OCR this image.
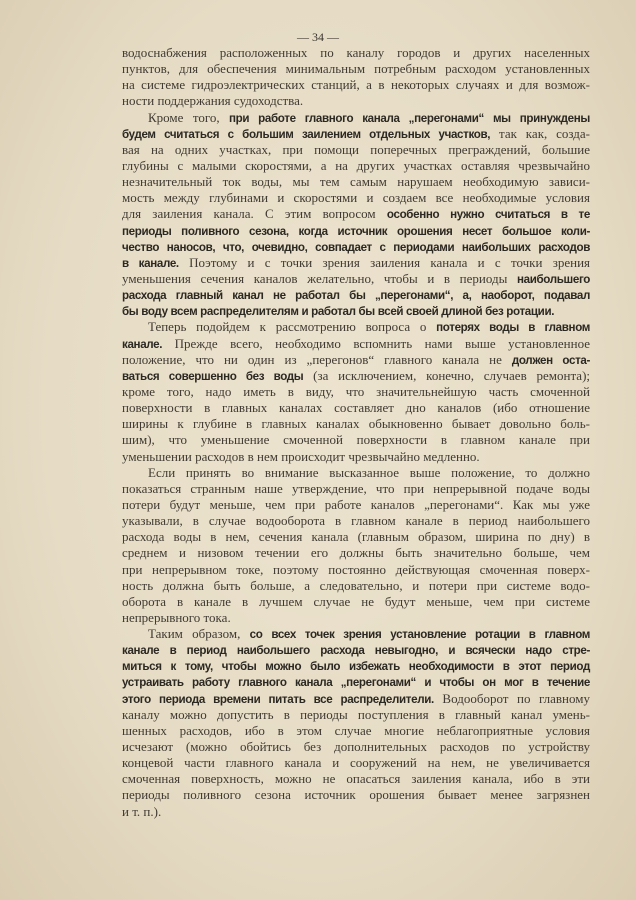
— 34 —
водоснабжения расположенных по каналу городов и других населенных
пунктов, для обеспечения минимальным потребным расходом установленных
на системе гидроэлектрических станций, а в некоторых случаях и для возмож-
ности поддержания судоходства.
Кроме того, при работе главного канала „перегонами“ мы принуждены
будем считаться с большим заилением отдельных участков, так как, созда-
вая на одних участках, при помощи поперечных преграждений, большие
глубины с малыми скоростями, а на других участках оставляя чрезвычайно
незначительный ток воды, мы тем самым нарушаем необходимую зависи-
мость между глубинами и скоростями и создаем все необходимые условия
для заиления канала. С этим вопросом особенно нужно считаться в те
периоды поливного сезона, когда источник орошения несет большое коли-
чество наносов, что, очевидно, совпадает с периодами наибольших расходов
в канале. Поэтому и с точки зрения заиления канала и с точки зрения
уменьшения сечения каналов желательно, чтобы и в периоды наибольшего
расхода главный канал не работал бы „перегонами“, а, наоборот, подавал
бы воду всем распределителям и работал бы всей своей длиной без ротации.
Теперь подойдем к рассмотрению вопроса о потерях воды в главном
канале. Прежде всего, необходимо вспомнить нами выше установленное
положение, что ни один из „перегонов“ главного канала не должен оста-
ваться совершенно без воды (за исключением, конечно, случаев ремонта);
кроме того, надо иметь в виду, что значительнейшую часть смоченной
поверхности в главных каналах составляет дно каналов (ибо отношение
ширины к глубине в главных каналах обыкновенно бывает довольно боль-
шим), что уменьшение смоченной поверхности в главном канале при
уменьшении расходов в нем происходит чрезвычайно медленно.
Если принять во внимание высказанное выше положение, то должно
показаться странным наше утверждение, что при непрерывной подаче воды
потери будут меньше, чем при работе каналов „перегонами“. Как мы уже
указывали, в случае водооборота в главном канале в период наибольшего
расхода воды в нем, сечения канала (главным образом, ширина по дну) в
среднем и низовом течении его должны быть значительно больше, чем
при непрерывном токе, поэтому постоянно действующая смоченная поверх-
ность должна быть больше, а следовательно, и потери при системе водо-
оборота в канале в лучшем случае не будут меньше, чем при системе
непрерывного тока.
Таким образом, со всех точек зрения установление ротации в главном
канале в период наибольшего расхода невыгодно, и всячески надо стре-
миться к тому, чтобы можно было избежать необходимости в этот период
устраивать работу главного канала „перегонами“ и чтобы он мог в течение
этого периода времени питать все распределители. Водооборот по главному
каналу можно допустить в периоды поступления в главный канал умень-
шенных расходов, ибо в этом случае многие неблагоприятные условия
исчезают (можно обойтись без дополнительных расходов по устройству
концевой части главного канала и сооружений на нем, не увеличивается
смоченная поверхность, можно не опасаться заиления канала, ибо в эти
периоды поливного сезона источник орошения бывает менее загрязнен
и т. п.).
